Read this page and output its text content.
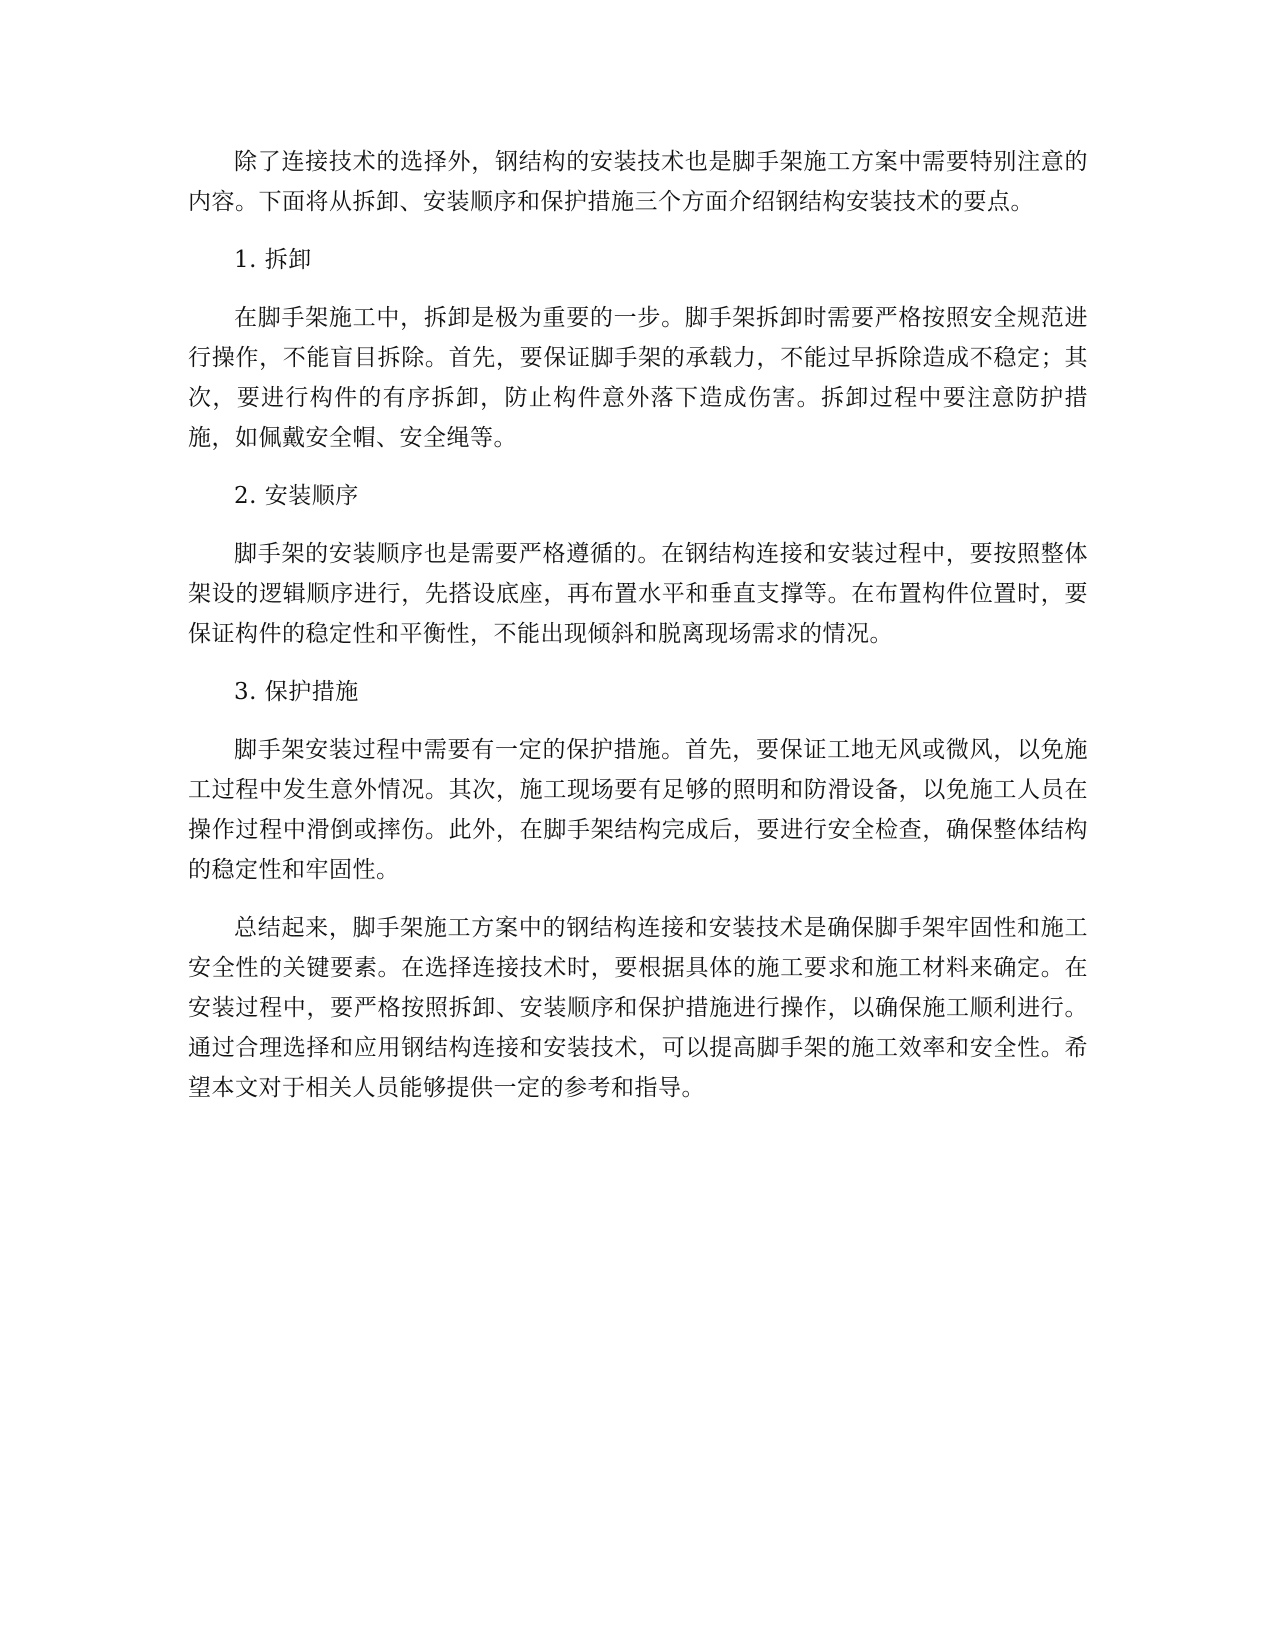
除了连接技术的选择外，钢结构的安装技术也是脚手架施工方案中需要特别注意的内容。下面将从拆卸、安装顺序和保护措施三个方面介绍钢结构安装技术的要点。

1. 拆卸

在脚手架施工中，拆卸是极为重要的一步。脚手架拆卸时需要严格按照安全规范进行操作，不能盲目拆除。首先，要保证脚手架的承载力，不能过早拆除造成不稳定；其次，要进行构件的有序拆卸，防止构件意外落下造成伤害。拆卸过程中要注意防护措施，如佩戴安全帽、安全绳等。

2. 安装顺序

脚手架的安装顺序也是需要严格遵循的。在钢结构连接和安装过程中，要按照整体架设的逻辑顺序进行，先搭设底座，再布置水平和垂直支撑等。在布置构件位置时，要保证构件的稳定性和平衡性，不能出现倾斜和脱离现场需求的情况。

3. 保护措施

脚手架安装过程中需要有一定的保护措施。首先，要保证工地无风或微风，以免施工过程中发生意外情况。其次，施工现场要有足够的照明和防滑设备，以免施工人员在操作过程中滑倒或摔伤。此外，在脚手架结构完成后，要进行安全检查，确保整体结构的稳定性和牢固性。

总结起来，脚手架施工方案中的钢结构连接和安装技术是确保脚手架牢固性和施工安全性的关键要素。在选择连接技术时，要根据具体的施工要求和施工材料来确定。在安装过程中，要严格按照拆卸、安装顺序和保护措施进行操作，以确保施工顺利进行。通过合理选择和应用钢结构连接和安装技术，可以提高脚手架的施工效率和安全性。希望本文对于相关人员能够提供一定的参考和指导。
